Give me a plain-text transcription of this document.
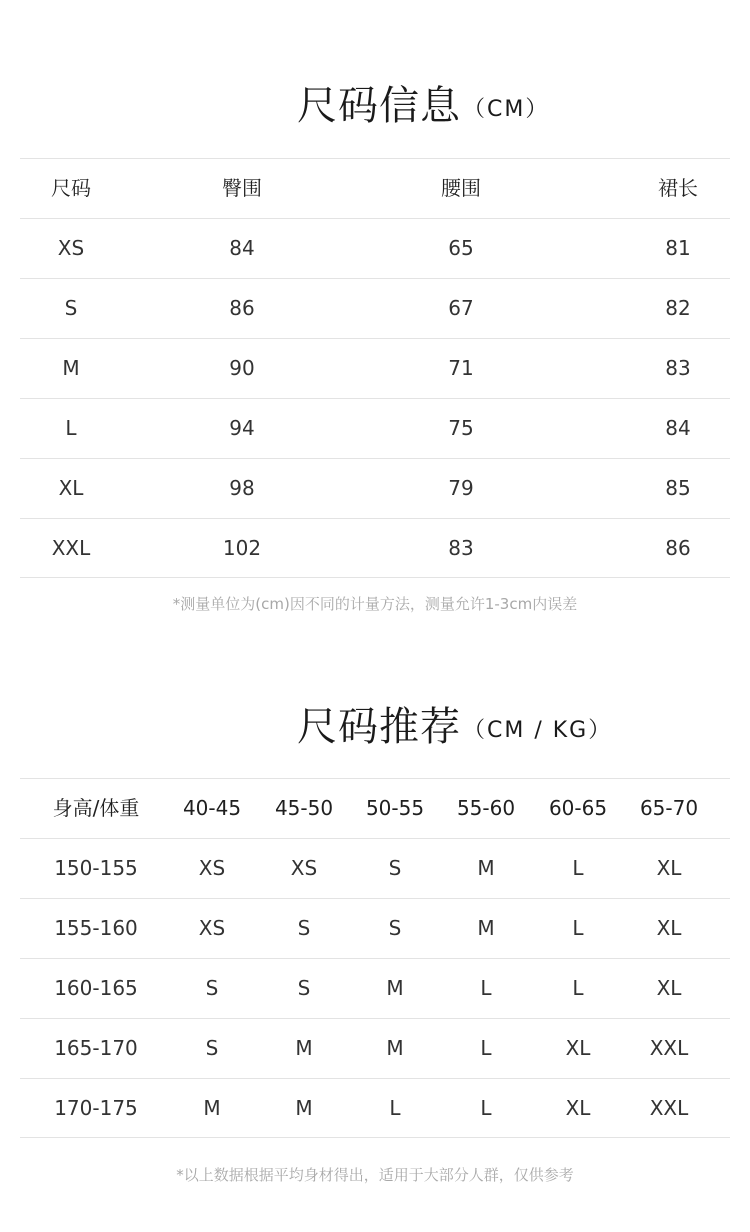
尺码信息 （CM）
尺码	臀围	腰围	裙长
XS	84	65	81
S	86	67	82
M	90	71	83
L	94	75	84
XL	98	79	85
XXL	102	83	86
*测量单位为(cm)因不同的计量方法，测量允许1-3cm内误差
尺码推荐 （CM / KG）
身高/体重 40-45 45-50 50-55 55-60 60-65 65-70
150-155	XS	XS	S	M	L	XL
155-160	XS	S	S	M	L	XL
160-165	S	S	M	L	L	XL
165-170	S	M	M	L	XL	XXL
170-175	M	M	L	L	XL	XXL
*以上数据根据平均身材得出，适用于大部分人群，仅供参考
